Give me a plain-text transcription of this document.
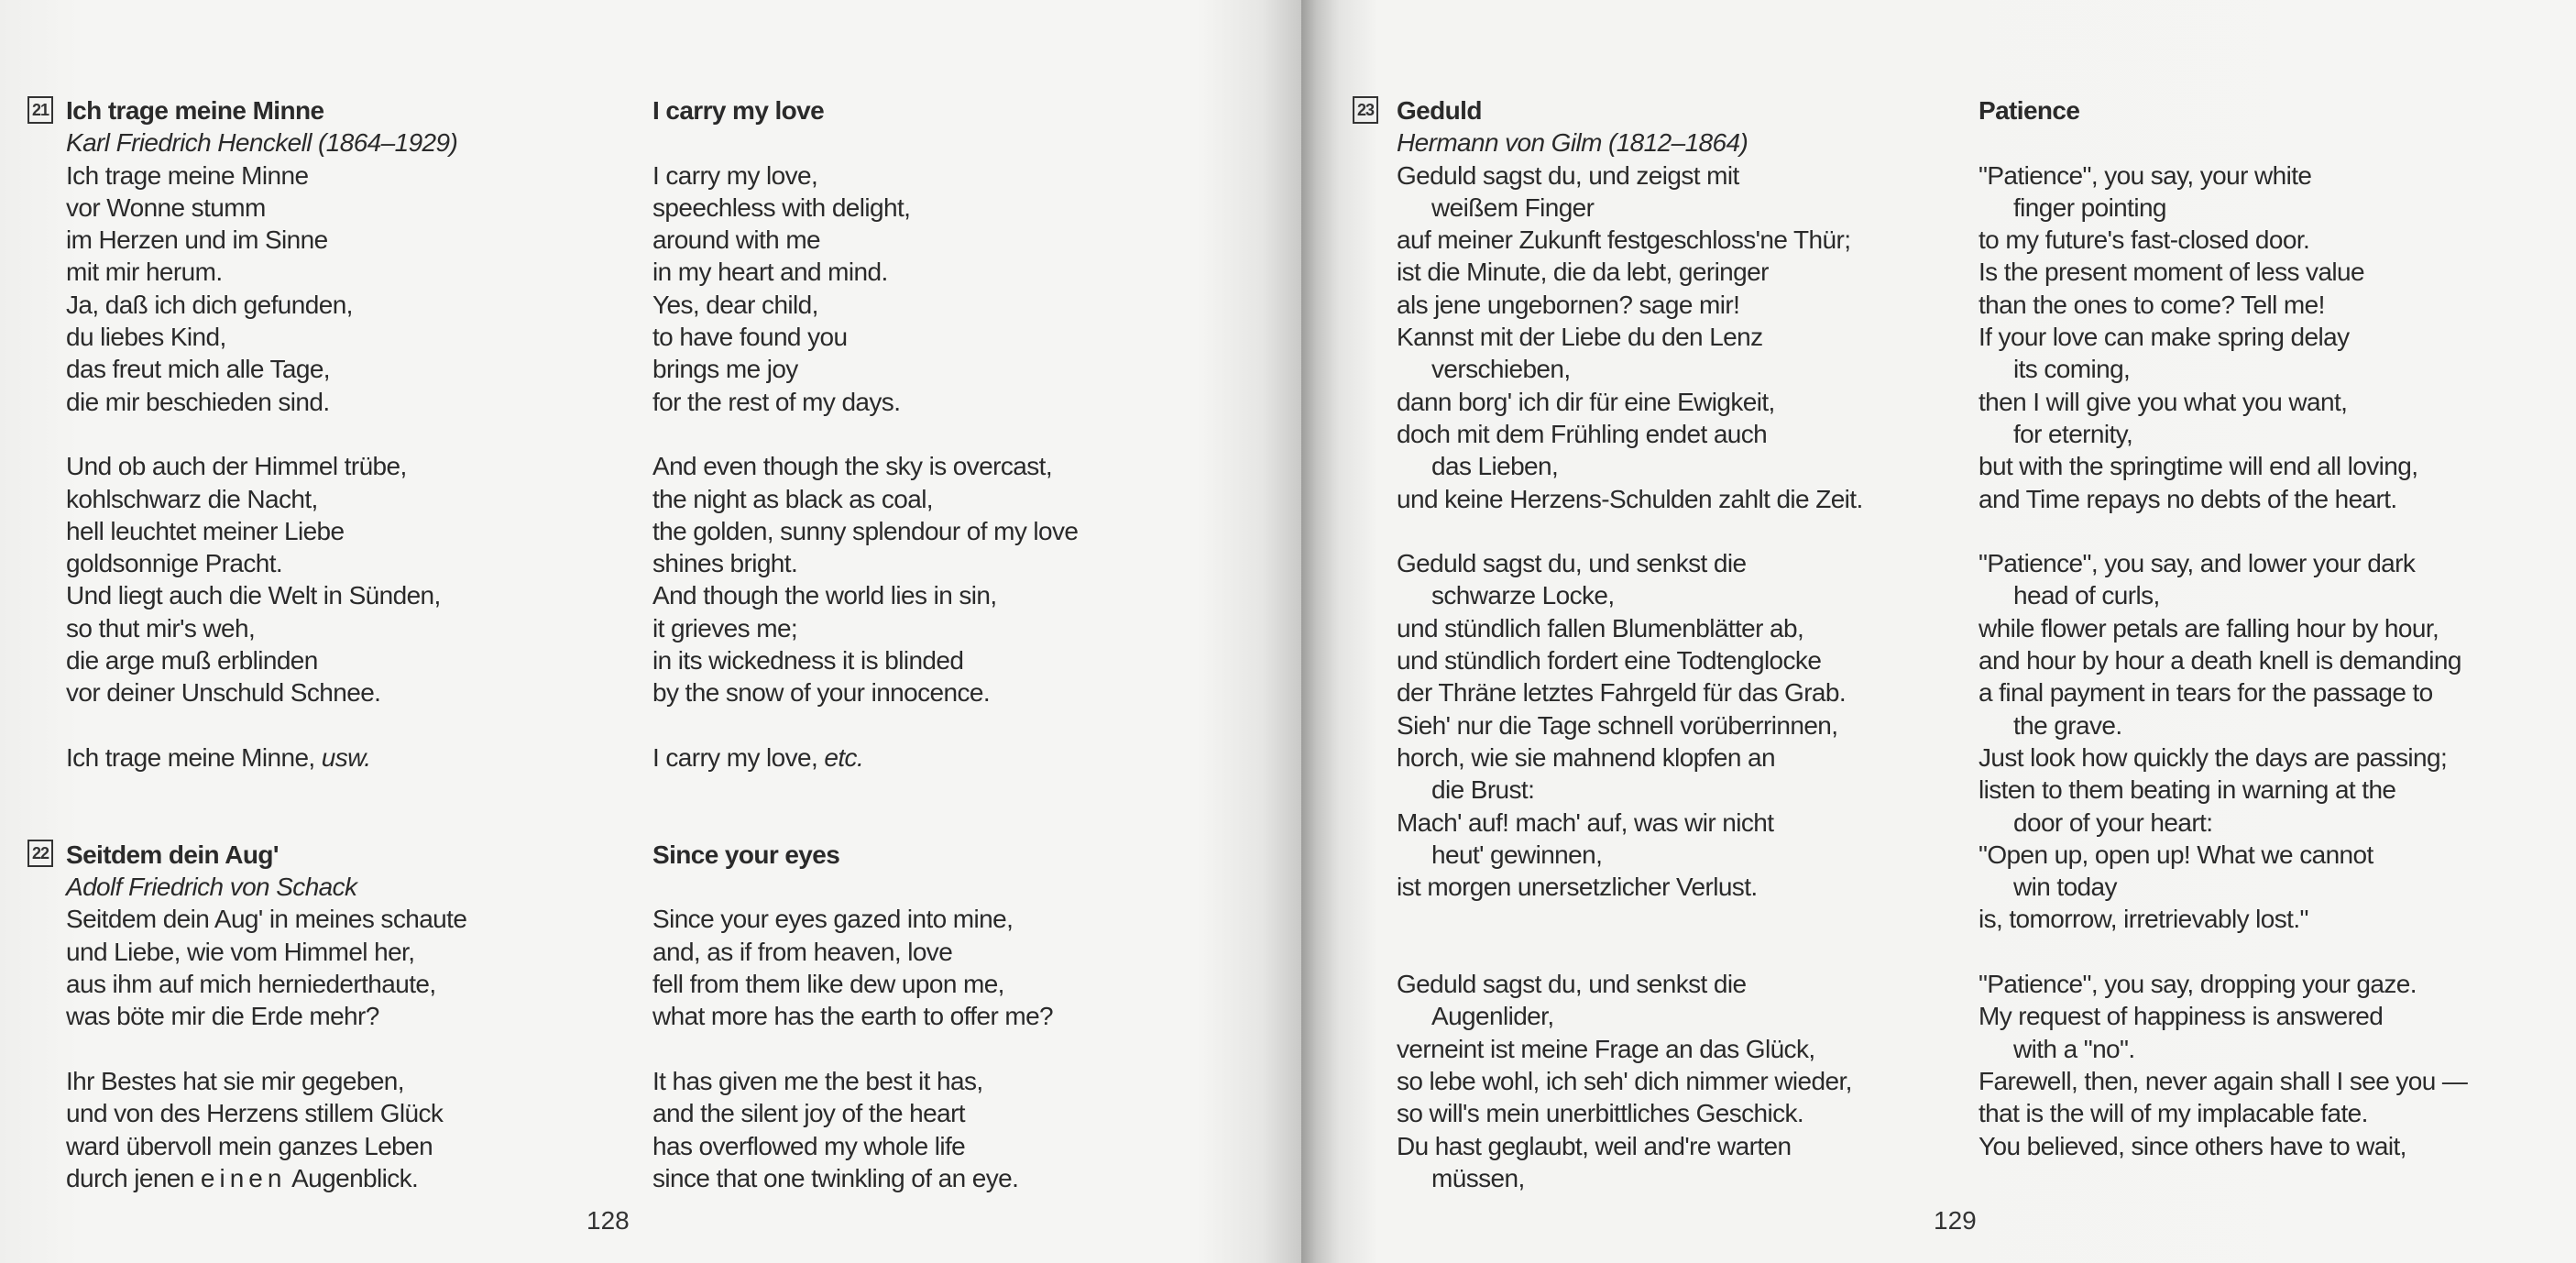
21
22
Ich trage meine Minne
Karl Friedrich Henckell (1864–1929)
Ich trage meine Minne
vor Wonne stumm
im Herzen und im Sinne
mit mir herum.
Ja, daß ich dich gefunden,
du liebes Kind,
das freut mich alle Tage,
die mir beschieden sind.
Und ob auch der Himmel trübe,
kohlschwarz die Nacht,
hell leuchtet meiner Liebe
goldsonnige Pracht.
Und liegt auch die Welt in Sünden,
so thut mir's weh,
die arge muß erblinden
vor deiner Unschuld Schnee.
Ich trage meine Minne, usw.
Seitdem dein Aug'
Adolf Friedrich von Schack
Seitdem dein Aug' in meines schaute
und Liebe, wie vom Himmel her,
aus ihm auf mich herniederthaute,
was böte mir die Erde mehr?
Ihr Bestes hat sie mir gegeben,
und von des Herzens stillem Glück
ward übervoll mein ganzes Leben
durch jenen einen Augenblick.
I carry my love
I carry my love,
speechless with delight,
around with me
in my heart and mind.
Yes, dear child,
to have found you
brings me joy
for the rest of my days.
And even though the sky is overcast,
the night as black as coal,
the golden, sunny splendour of my love
shines bright.
And though the world lies in sin,
it grieves me;
in its wickedness it is blinded
by the snow of your innocence.
I carry my love, etc.
Since your eyes
Since your eyes gazed into mine,
and, as if from heaven, love
fell from them like dew upon me,
what more has the earth to offer me?
It has given me the best it has,
and the silent joy of the heart
has overflowed my whole life
since that one twinkling of an eye.
128
23 Geduld
Hermann von Gilm (1812–1864)
Geduld sagst du, und zeigst mit
weißem Finger
auf meiner Zukunft festgeschloss'ne Thür;
ist die Minute, die da lebt, geringer
als jene ungebornen? sage mir!
Kannst mit der Liebe du den Lenz
verschieben,
dann borg' ich dir für eine Ewigkeit,
doch mit dem Frühling endet auch
das Lieben,
und keine Herzens-Schulden zahlt die Zeit.
Geduld sagst du, und senkst die
schwarze Locke,
und stündlich fallen Blumenblätter ab,
und stündlich fordert eine Todtenglocke
der Thräne letztes Fahrgeld für das Grab.
Sieh' nur die Tage schnell vorüberrinnen,
horch, wie sie mahnend klopfen an
die Brust:
Mach' auf! mach' auf, was wir nicht
heut' gewinnen,
ist morgen unersetzlicher Verlust.
Geduld sagst du, und senkst die
Augenlider,
verneint ist meine Frage an das Glück,
so lebe wohl, ich seh' dich nimmer wieder,
so will's mein unerbittliches Geschick.
Du hast geglaubt, weil and're warten
müssen,
Patience
"Patience", you say, your white
finger pointing
to my future's fast-closed door.
Is the present moment of less value
than the ones to come? Tell me!
If your love can make spring delay
its coming,
then I will give you what you want,
for eternity,
but with the springtime will end all loving,
and Time repays no debts of the heart.
"Patience", you say, and lower your dark
head of curls,
while flower petals are falling hour by hour,
and hour by hour a death knell is demanding
a final payment in tears for the passage to
the grave.
Just look how quickly the days are passing;
listen to them beating in warning at the
door of your heart:
"Open up, open up! What we cannot
win today
is, tomorrow, irretrievably lost."
"Patience", you say, dropping your gaze.
My request of happiness is answered
with a "no".
Farewell, then, never again shall I see you —
that is the will of my implacable fate.
You believed, since others have to wait,
129
